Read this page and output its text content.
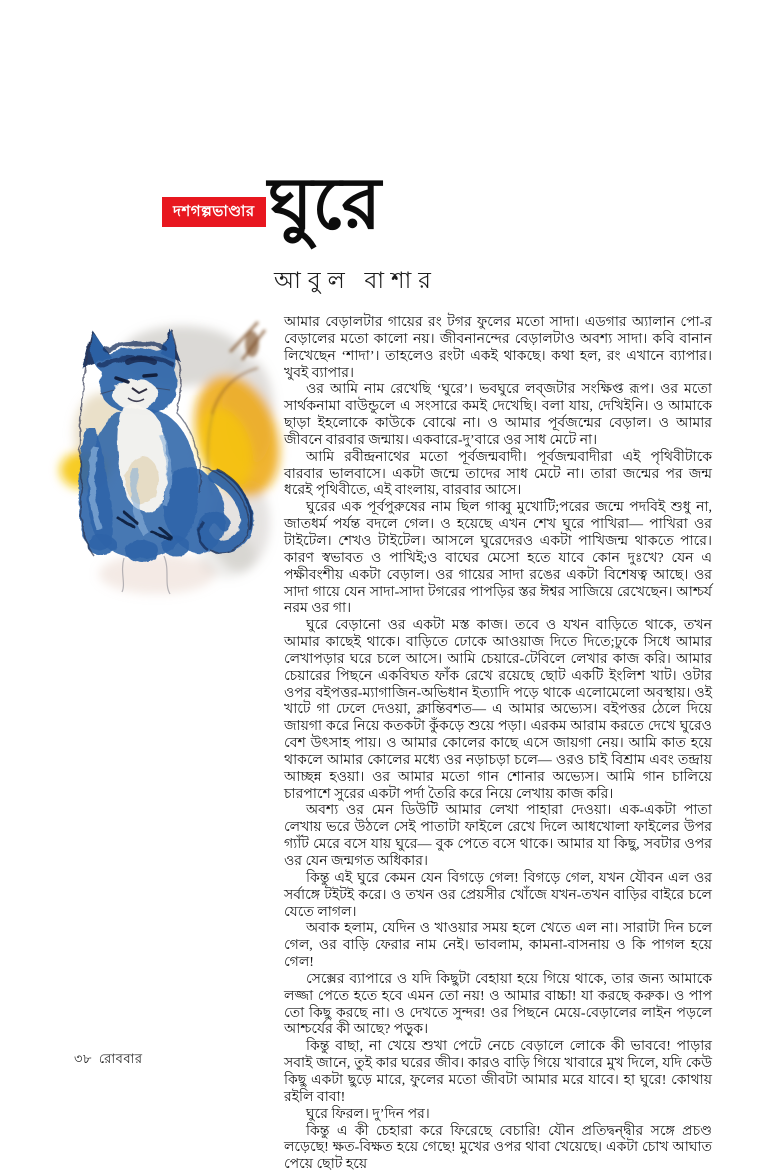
দশগল্পভাণ্ডার ঘুরে
আবুল বাশার

আমার বেড়ালটার গায়ের রং টগর ফুলের মতো সাদা। এডগার অ্যালান পো-র বেড়ালের মতো কালো নয়। জীবনানন্দের বেড়ালটাও অবশ্য সাদা। কবি বানান লিখেছেন ‘শাদা’। তাহলেও রংটা একই থাকছে। কথা হল, রং এখানে ব্যাপার। খুবই ব্যাপার।

ওর আমি নাম রেখেছি ‘ঘুরে’। ভবঘুরে লব্‌জটার সংক্ষিপ্ত রূপ। ওর মতো সার্থকনামা বাউন্ডুলে এ সংসারে কমই দেখেছি। বলা যায়, দেখিইনি। ও আমাকে ছাড়া ইহলোকে কাউকে বোঝে না। ও আমার পূর্বজন্মের বেড়াল। ও আমার জীবনে বারবার জন্মায়। একবারে-দু’বারে ওর সাধ মেটে না।

আমি রবীন্দ্রনাথের মতো পূর্বজন্মবাদী। পূর্বজন্মবাদীরা এই পৃথিবীটাকে বারবার ভালবাসে। একটা জন্মে তাদের সাধ মেটে না। তারা জন্মের পর জন্ম ধরেই পৃথিবীতে, এই বাংলায়, বারবার আসে।

ঘুরের এক পূর্বপুরুষের নাম ছিল গাব্বু মুখোটি;পরের জন্মে পদবিই শুধু না, জাতধর্ম পর্যন্ত বদলে গেল। ও হয়েছে এখন শেখ ঘুরে পাখিরা— পাখিরা ওর টাইটেল। শেখও টাইটেল। আসলে ঘুরেদেরও একটা পাখিজন্ম থাকতে পারে। কারণ স্বভাবত ও পাখিই;ও বাঘের মেসো হতে যাবে কোন দুঃখে? যেন এ পক্ষীবংশীয় একটা বেড়াল। ওর গায়ের সাদা রঙের একটা বিশেষত্ব আছে। ওর সাদা গায়ে যেন সাদা-সাদা টগরের পাপড়ির স্তর ঈশ্বর সাজিয়ে রেখেছেন। আশ্চর্য নরম ওর গা।

ঘুরে বেড়ানো ওর একটা মস্ত কাজ। তবে ও যখন বাড়িতে থাকে, তখন আমার কাছেই থাকে। বাড়িতে ঢোকে আওয়াজ দিতে দিতে;ঢুকে সিধে আমার লেখাপড়ার ঘরে চলে আসে। আমি চেয়ারে-টেবিলে লেখার কাজ করি। আমার চেয়ারের পিছনে একবিঘত ফাঁক রেখে রয়েছে ছোট একটি ইংলিশ খাট। ওটার ওপর বইপত্তর-ম্যাগাজিন-অভিধান ইত্যাদি পড়ে থাকে এলোমেলো অবস্থায়। ওই খাটে গা ঢেলে দেওয়া, ক্লান্তিবশত— এ আমার অভ্যেস। বইপত্তর ঠেলে দিয়ে জায়গা করে নিয়ে কতকটা কুঁকড়ে শুয়ে পড়া। এরকম আরাম করতে দেখে ঘুরেও বেশ উৎসাহ পায়। ও আমার কোলের কাছে এসে জায়গা নেয়। আমি কাত হয়ে থাকলে আমার কোলের মধ্যে ওর নড়াচড়া চলে— ওরও চাই বিশ্রাম এবং তন্দ্রায় আচ্ছন্ন হওয়া। ওর আমার মতো গান শোনার অভ্যেস। আমি গান চালিয়ে চারপাশে সুরের একটা পর্দা তৈরি করে নিয়ে লেখায় কাজ করি।

অবশ্য ওর মেন ডিউটি আমার লেখা পাহারা দেওয়া। এক-একটা পাতা লেখায় ভরে উঠলে সেই পাতাটা ফাইলে রেখে দিলে আধখোলা ফাইলের উপর গ্যাঁট মেরে বসে যায় ঘুরে— বুক পেতে বসে থাকে। আমার যা কিছু, সবটার ওপর ওর যেন জন্মগত অধিকার।

কিন্তু এই ঘুরে কেমন যেন বিগড়ে গেল! বিগড়ে গেল, যখন যৌবন এল ওর সর্বাঙ্গে টইটই করে। ও তখন ওর প্রেয়সীর খোঁজে যখন-তখন বাড়ির বাইরে চলে যেতে লাগল।

অবাক হলাম, যেদিন ও খাওয়ার সময় হলে খেতে এল না। সারাটা দিন চলে গেল, ওর বাড়ি ফেরার নাম নেই। ভাবলাম, কামনা-বাসনায় ও কি পাগল হয়ে গেল!

সেক্সের ব্যাপারে ও যদি কিছুটা বেহায়া হয়ে গিয়ে থাকে, তার জন্য আমাকে লজ্জা পেতে হতে হবে এমন তো নয়! ও আমার বাচ্চা! যা করছে করুক। ও পাপ তো কিছু করছে না। ও দেখতে সুন্দর! ওর পিছনে মেয়ে-বেড়ালের লাইন পড়লে আশ্চর্যের কী আছে? পড়ুক।

কিন্তু বাছা, না খেয়ে শুখা পেটে নেচে বেড়ালে লোকে কী ভাববে! পাড়ার সবাই জানে, তুই কার ঘরের জীব। কারও বাড়ি গিয়ে খাবারে মুখ দিলে, যদি কেউ কিছু একটা ছুড়ে মারে, ফুলের মতো জীবটা আমার মরে যাবে। হা ঘুরে! কোথায় রইলি বাবা!

ঘুরে ফিরল। দু’দিন পর।

কিন্তু এ কী চেহারা করে ফিরেছে বেচারি! যৌন প্রতিদ্বন্দ্বীর সঙ্গে প্রচণ্ড লড়েছে! ক্ষত-বিক্ষত হয়ে গেছে! মুখের ওপর থাবা খেয়েছে। একটা চোখ আঘাত পেয়ে ছোট হয়ে

৩৮ রোববার
